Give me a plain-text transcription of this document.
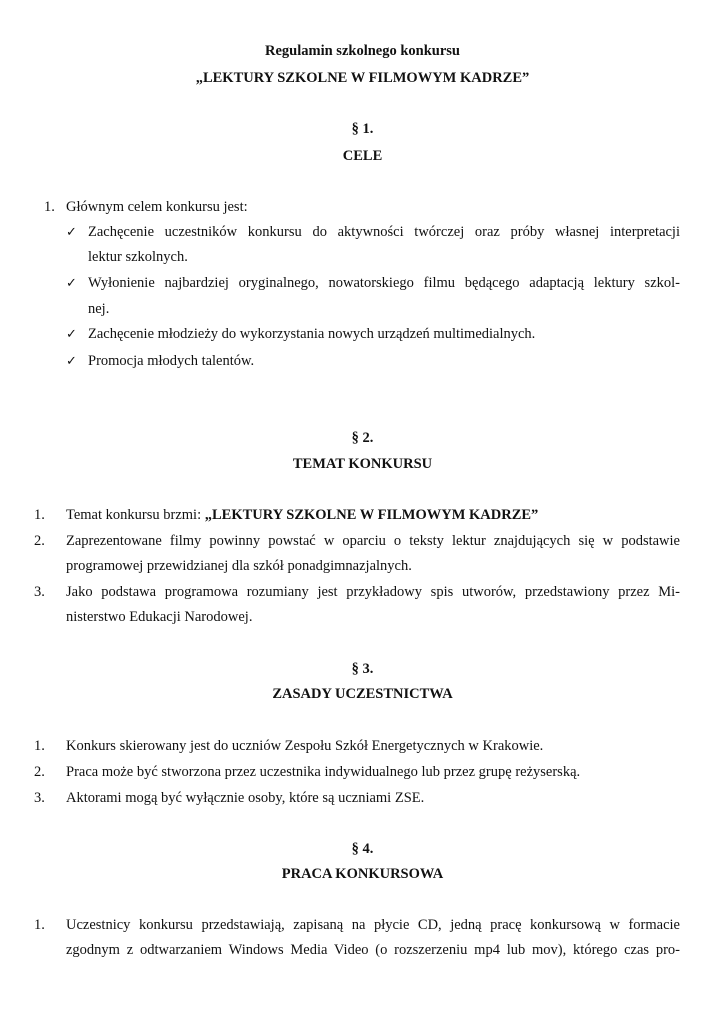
Regulamin szkolnego konkursu
„LEKTURY SZKOLNE W FILMOWYM KADRZE”
§ 1.
CELE
1. Głównym celem konkursu jest:
✓ Zachęcenie uczestników konkursu do aktywności twórczej oraz próby własnej interpretacji
lektur szkolnych.
✓ Wyłonienie najbardziej oryginalnego, nowatorskiego filmu będącego adaptacją lektury szkol-
nej.
✓ Zachęcenie młodzieży do wykorzystania nowych urządzeń multimedialnych.
✓ Promocja młodych talentów.
§ 2.
TEMAT KONKURSU
1. Temat konkursu brzmi: „LEKTURY SZKOLNE W FILMOWYM KADRZE”
2. Zaprezentowane filmy powinny powstać w oparciu o teksty lektur znajdujących się w podstawie
programowej przewidzianej dla szkół ponadgimnazjalnych.
3. Jako podstawa programowa rozumiany jest przykładowy spis utworów, przedstawiony przez Mi-
nisterstwo Edukacji Narodowej.
§ 3.
ZASADY UCZESTNICTWA
1. Konkurs skierowany jest do uczniów Zespołu Szkół Energetycznych w Krakowie.
2. Praca może być stworzona przez uczestnika indywidualnego lub przez grupę reżyserską.
3. Aktorami mogą być wyłącznie osoby, które są uczniami ZSE.
§ 4.
PRACA KONKURSOWA
1. Uczestnicy konkursu przedstawiają, zapisaną na płycie CD, jedną pracę konkursową w formacie
zgodnym z odtwarzaniem Windows Media Video (o rozszerzeniu mp4 lub mov), którego czas pro-
